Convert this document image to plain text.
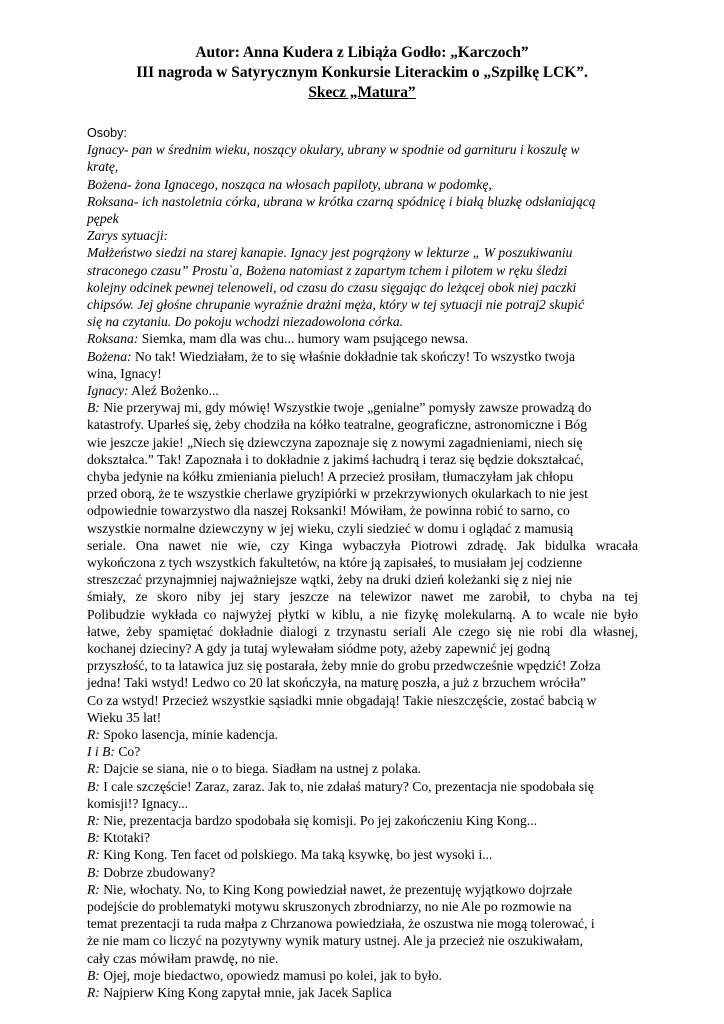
Autor: Anna Kudera z Libiąża Godło: „Karczoch”
III nagroda w Satyrycznym Konkursie Literackim o „Szpilkę LCK”.
Skecz „Matura”
Osoby:
Ignacy- pan w średnim wieku, noszący okulary, ubrany w spodnie od garnituru i koszulę w
kratę,
Bożena- żona Ignacego, nosząca na włosach papiloty, ubrana w podomkę,
Roksana- ich nastoletnia córka, ubrana w krótka czarną spódnicę i białą bluzkę odsłaniającą
pępek
Zarys sytuacji:
Małżeństwo siedzi na starej kanapie. Ignacy jest pogrążony w lekturze „ W poszukiwaniu
straconego czasu” Prostu`a, Bożena natomiast z zapartym tchem i pilotem w ręku śledzi
kolejny odcinek pewnej telenoweli, od czasu do czasu sięgając do leżącej obok niej paczki
chipsów. Jej głośne chrupanie wyraźnie drażni męża, który w tej sytuacji nie potraj2 skupić
się na czytaniu. Do pokoju wchodzi niezadowolona córka.
Roksana: Siemka, mam dla was chu... humory wam psującego newsa.
Bożena: No tak! Wiedziałam, że to się właśnie dokładnie tak skończy! To wszystko twoja
wina, Ignacy!
Ignacy: Aleź Bożenko...
B: Nie przerywaj mi, gdy mówię! Wszystkie twoje „genialne” pomysły zawsze prowadzą do
katastrofy. Uparłeś się, żeby chodziła na kółko teatralne, geograficzne, astronomiczne i Bóg
wie jeszcze jakie! „Niech się dziewczyna zapoznaje się z nowymi zagadnieniami, niech się
dokształca.” Tak! Zapoznała i to dokładnie z jakimś łachudrą i teraz się będzie dokształcać,
chyba jedynie na kółku zmieniania pieluch! A przecież prosiłam, tłumaczyłam jak chłopu
przed oborą, że te wszystkie cherlawe gryzipiórki w przekrzywionych okularkach to nie jest
odpowiednie towarzystwo dla naszej Roksanki! Mówiłam, że powinna robić to sarno, co
wszystkie normalne dziewczyny w jej wieku, czyli siedzieć w domu i oglądać z mamusią
seriale. Ona nawet nie wie, czy Kinga wybaczyła Piotrowi zdradę. Jak bidulka wracała
wykończona z tych wszystkich fakultetów, na które ją zapisałeś, to musiałam jej codzienne
streszczać przynajmniej najważniejsze wątki, żeby na druki dzień koleżanki się z niej nie
śmiały, ze skoro niby jej stary jeszcze na telewizor nawet me zarobił, to chyba na tej
Polibudzie wykłada co najwyżej płytki w kiblu, a nie fizykę molekularną. A to wcale nie było
łatwe, żeby spamiętać dokładnie dialogi z trzynastu seriali Ale czego się nie robi dla własnej,
kochanej dzieciny? A gdy ja tutaj wylewałam siódme poty, ażeby zapewnić jej godną
przyszłość, to ta latawica juz się postarała, żeby mnie do grobu przedwcześnie wpędzić! Zołza
jedna! Taki wstyd! Ledwo co 20 lat skończyła, na maturę poszła, a już z brzuchem wróciła”
Co za wstyd! Przecież wszystkie sąsiadki mnie obgadają! Takie nieszczęście, zostać babcią w
Wieku 35 lat!
R: Spoko lasencja, minie kadencja.
I i B: Co?
R: Dajcie se siana, nie o to biega. Siadłam na ustnej z polaka.
B: I cale szczęście! Zaraz, zaraz. Jak to, nie zdałaś matury? Co, prezentacja nie spodobała się
komisji!? Ignacy...
R: Nie, prezentacja bardzo spodobała się komisji. Po jej zakończeniu King Kong...
B: Ktotaki?
R: King Kong. Ten facet od polskiego. Ma taką ksywkę, bo jest wysoki i...
B: Dobrze zbudowany?
R: Nie, włochaty. No, to King Kong powiedział nawet, że prezentuję wyjątkowo dojrzałe
podejście do problematyki motywu skruszonych zbrodniarzy, no nie Ale po rozmowie na
temat prezentacji ta ruda małpa z Chrzanowa powiedziała, że oszustwa nie mogą tolerować, i
że nie mam co liczyć na pozytywny wynik matury ustnej. Ale ja przecież nie oszukiwałam,
cały czas mówiłam prawdę, no nie.
B: Ojej, moje biedactwo, opowiedz mamusi po kolei, jak to było.
R: Najpierw King Kong zapytał mnie, jak Jacek Saplica
